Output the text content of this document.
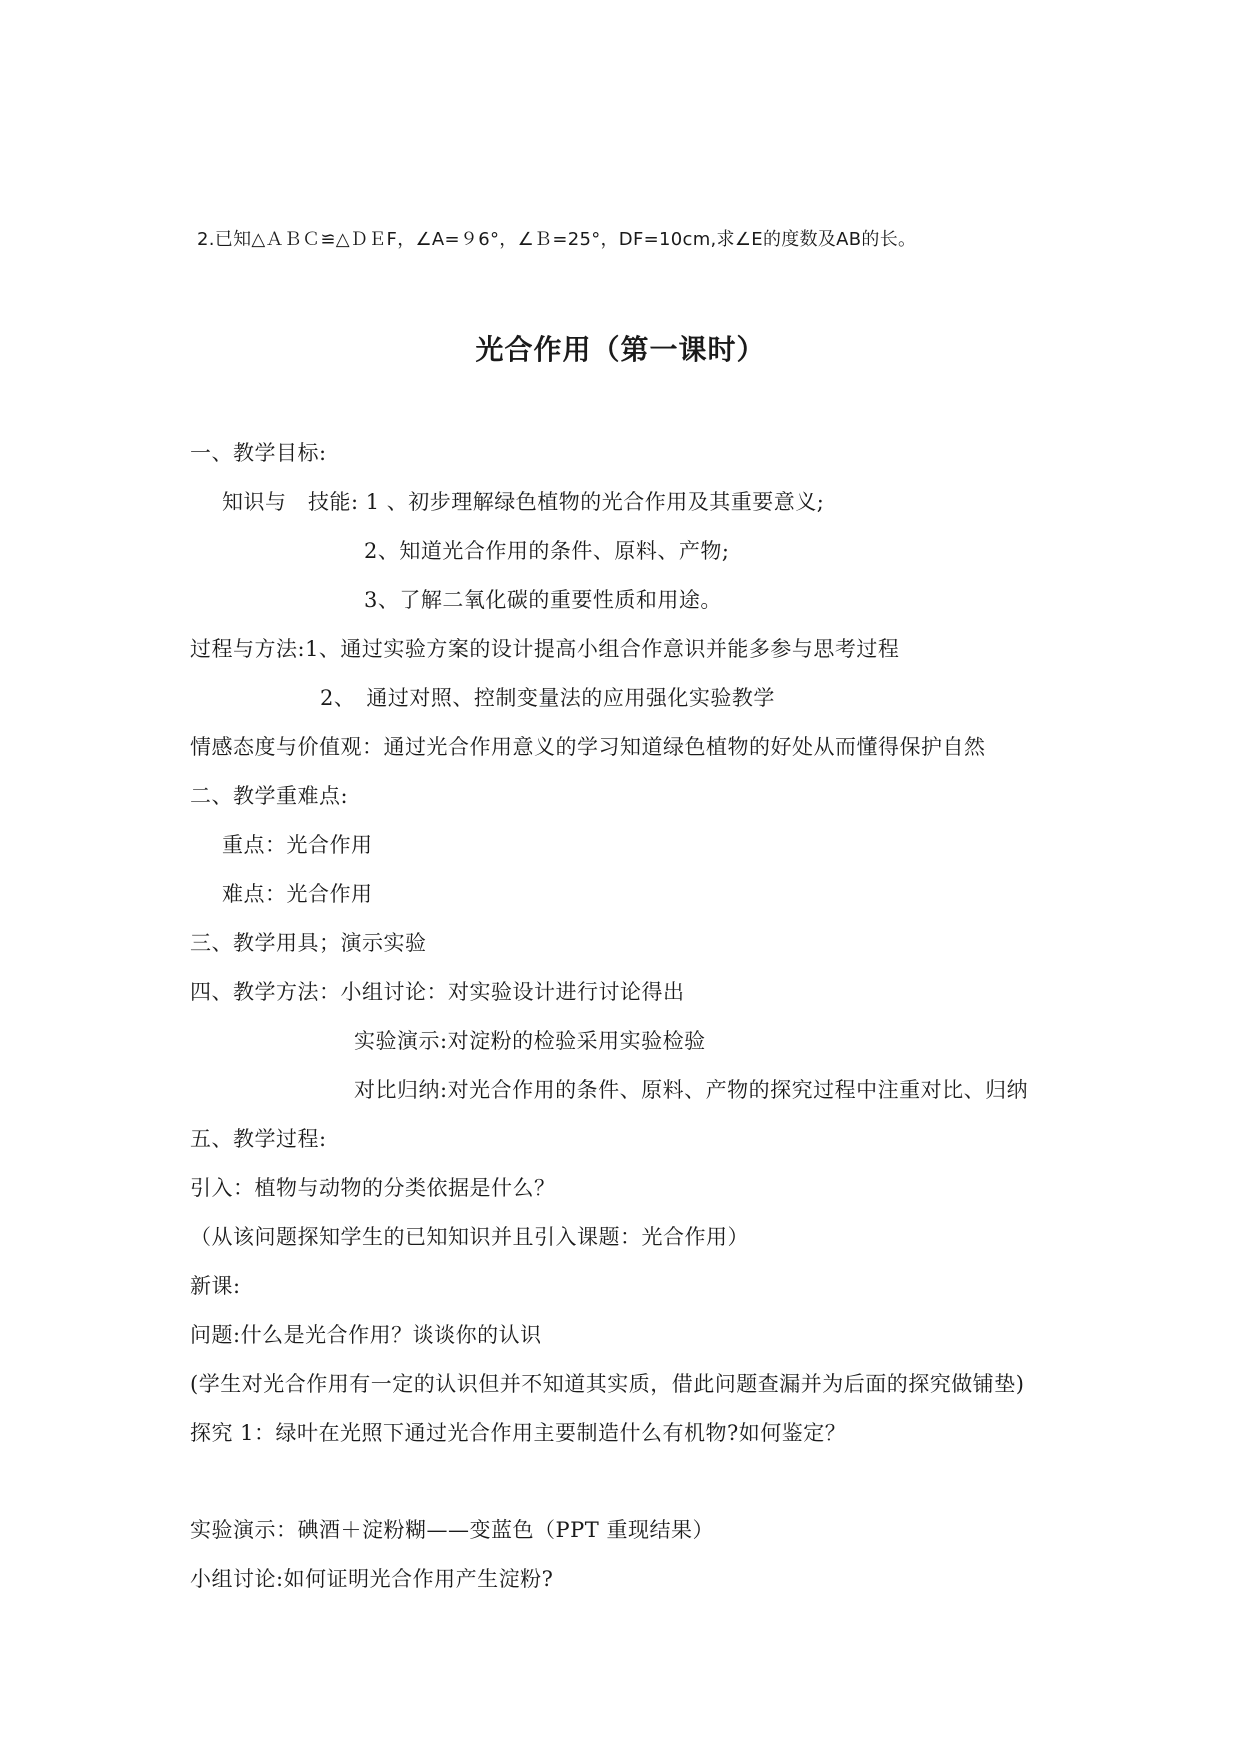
2.已知△ＡＢＣ≌△ＤＥF，∠A=９6°，∠Ｂ=25°，DF=10cm,求∠E的度数及AB的长。
光合作用（第一课时）
一、教学目标:
知识与　技能: 1 、初步理解绿色植物的光合作用及其重要意义;
2、知道光合作用的条件、原料、产物;
3、了解二氧化碳的重要性质和用途。
过程与方法:1、通过实验方案的设计提高小组合作意识并能多参与思考过程
2、　通过对照、控制变量法的应用强化实验教学
情感态度与价值观：通过光合作用意义的学习知道绿色植物的好处从而懂得保护自然
二、教学重难点:
重点：光合作用
难点：光合作用
三、教学用具；演示实验
四、教学方法：小组讨论：对实验设计进行讨论得出
实验演示:对淀粉的检验采用实验检验
对比归纳:对光合作用的条件、原料、产物的探究过程中注重对比、归纳
五、教学过程:
引入：植物与动物的分类依据是什么？
（从该问题探知学生的已知知识并且引入课题：光合作用）
新课:
问题:什么是光合作用？谈谈你的认识
(学生对光合作用有一定的认识但并不知道其实质，借此问题查漏并为后面的探究做铺垫)
探究 1：绿叶在光照下通过光合作用主要制造什么有机物?如何鉴定？
实验演示：碘酒＋淀粉糊——变蓝色（PPT 重现结果）
小组讨论:如何证明光合作用产生淀粉?
